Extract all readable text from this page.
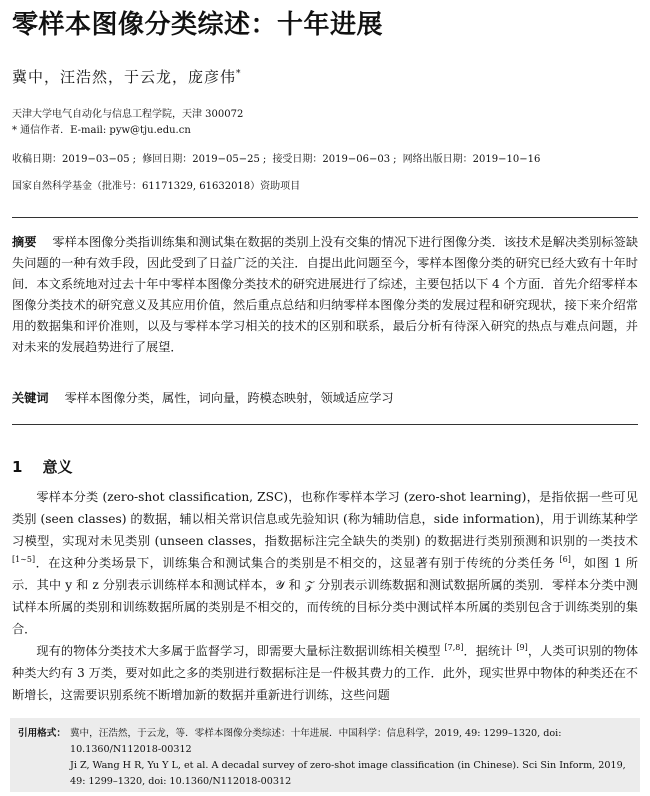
零样本图像分类综述：十年进展
冀中，汪浩然，于云龙，庞彦伟*
天津大学电气自动化与信息工程学院，天津 300072
* 通信作者．E-mail: pyw@tju.edu.cn
收稿日期：2019−03−05 ; 修回日期：2019−05−25 ; 接受日期：2019−06−03 ; 网络出版日期：2019−10−16
国家自然科学基金（批准号：61171329, 61632018）资助项目
摘要 零样本图像分类指训练集和测试集在数据的类别上没有交集的情况下进行图像分类．该技术是解决类别标签缺失问题的一种有效手段，因此受到了日益广泛的关注．自提出此问题至今，零样本图像分类的研究已经大致有十年时间．本文系统地对过去十年中零样本图像分类技术的研究进展进行了综述，主要包括以下 4 个方面．首先介绍零样本图像分类技术的研究意义及其应用价值，然后重点总结和归纳零样本图像分类的发展过程和研究现状，接下来介绍常用的数据集和评价准则，以及与零样本学习相关的技术的区别和联系，最后分析有待深入研究的热点与难点问题，并对未来的发展趋势进行了展望．
关键词 零样本图像分类，属性，词向量，跨模态映射，领域适应学习
1 意义

零样本分类 (zero-shot classification, ZSC)，也称作零样本学习 (zero-shot learning)，是指依据一些可见类别 (seen classes) 的数据，辅以相关常识信息或先验知识 (称为辅助信息，side information)，用于训练某种学习模型，实现对未见类别 (unseen classes，指数据标注完全缺失的类别) 的数据进行类别预测和识别的一类技术 [1∼5]．在这种分类场景下，训练集合和测试集合的类别是不相交的，这显著有别于传统的分类任务 [6]，如图 1 所示．其中 y 和 z 分别表示训练样本和测试样本，𝒴 和 𝒵 分别表示训练数据和测试数据所属的类别．零样本分类中测试样本所属的类别和训练数据所属的类别是不相交的，而传统的目标分类中测试样本所属的类别包含于训练类别的集合．

现有的物体分类技术大多属于监督学习，即需要大量标注数据训练相关模型 [7,8]．据统计 [9]，人类可识别的物体种类大约有 3 万类，要对如此之多的类别进行数据标注是一件极其费力的工作．此外，现实世界中物体的种类还在不断增长，这需要识别系统不断增加新的数据并重新进行训练，这些问题

引用格式： 冀中，汪浩然，于云龙，等．零样本图像分类综述：十年进展．中国科学：信息科学，2019, 49: 1299–1320, doi: 10.1360/N112018-00312
Ji Z, Wang H R, Yu Y L, et al. A decadal survey of zero-shot image classification (in Chinese). Sci Sin Inform, 2019, 49: 1299–1320, doi: 10.1360/N112018-00312
